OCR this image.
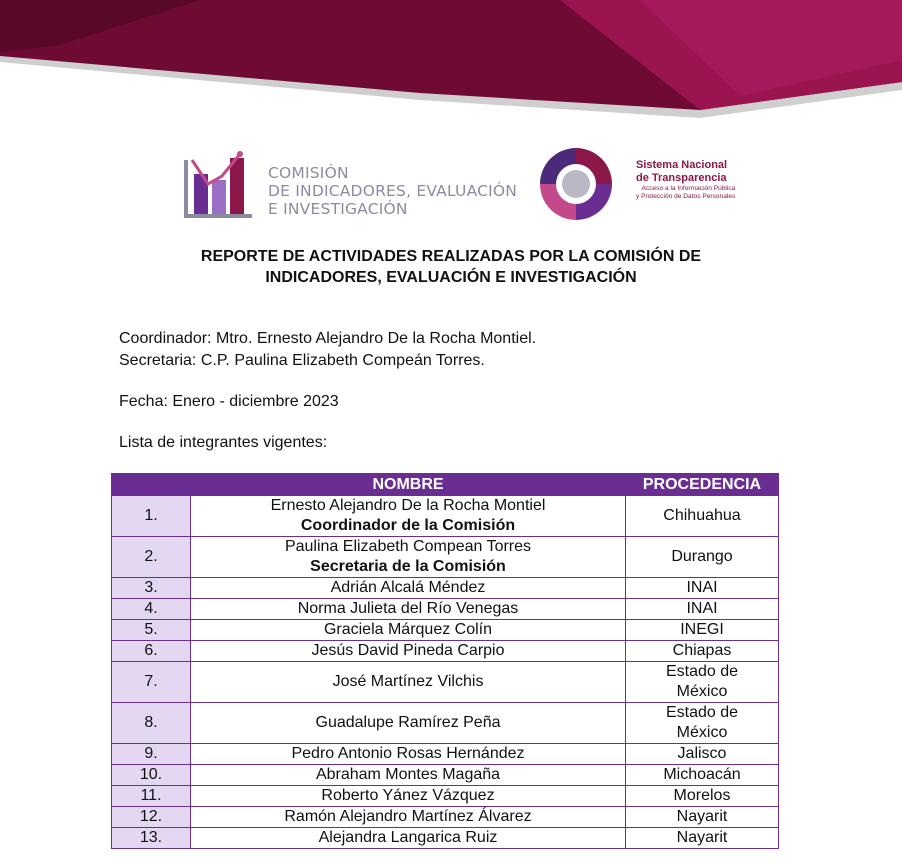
COMISIÓN
DE INDICADORES, EVALUACIÓN
E INVESTIGACIÓN
Sistema Nacional
de Transparencia
Acceso a la Información Pública
y Protección de Datos Personales
REPORTE DE ACTIVIDADES REALIZADAS POR LA COMISIÓN DE
INDICADORES, EVALUACIÓN E INVESTIGACIÓN
Coordinador: Mtro. Ernesto Alejandro De la Rocha Montiel.
Secretaria: C.P. Paulina Elizabeth Compeán Torres.
Fecha: Enero - diciembre 2023
Lista de integrantes vigentes:
	NOMBRE	PROCEDENCIA
1.	Ernesto Alejandro De la Rocha Montiel
Coordinador de la Comisión	Chihuahua
2.	Paulina Elizabeth Compean Torres
Secretaria de la Comisión	Durango
3.	Adrián Alcalá Méndez	INAI
4.	Norma Julieta del Río Venegas	INAI
5.	Graciela Márquez Colín	INEGI
6.	Jesús David Pineda Carpio	Chiapas
7.	José Martínez Vilchis	Estado de
México

8.	Guadalupe Ramírez Peña	Estado de
México

9.	Pedro Antonio Rosas Hernández	Jalisco
10.	Abraham Montes Magaña	Michoacán
11.	Roberto Yánez Vázquez	Morelos
12.	Ramón Alejandro Martínez Álvarez	Nayarit
13.	Alejandra Langarica Ruiz	Nayarit
